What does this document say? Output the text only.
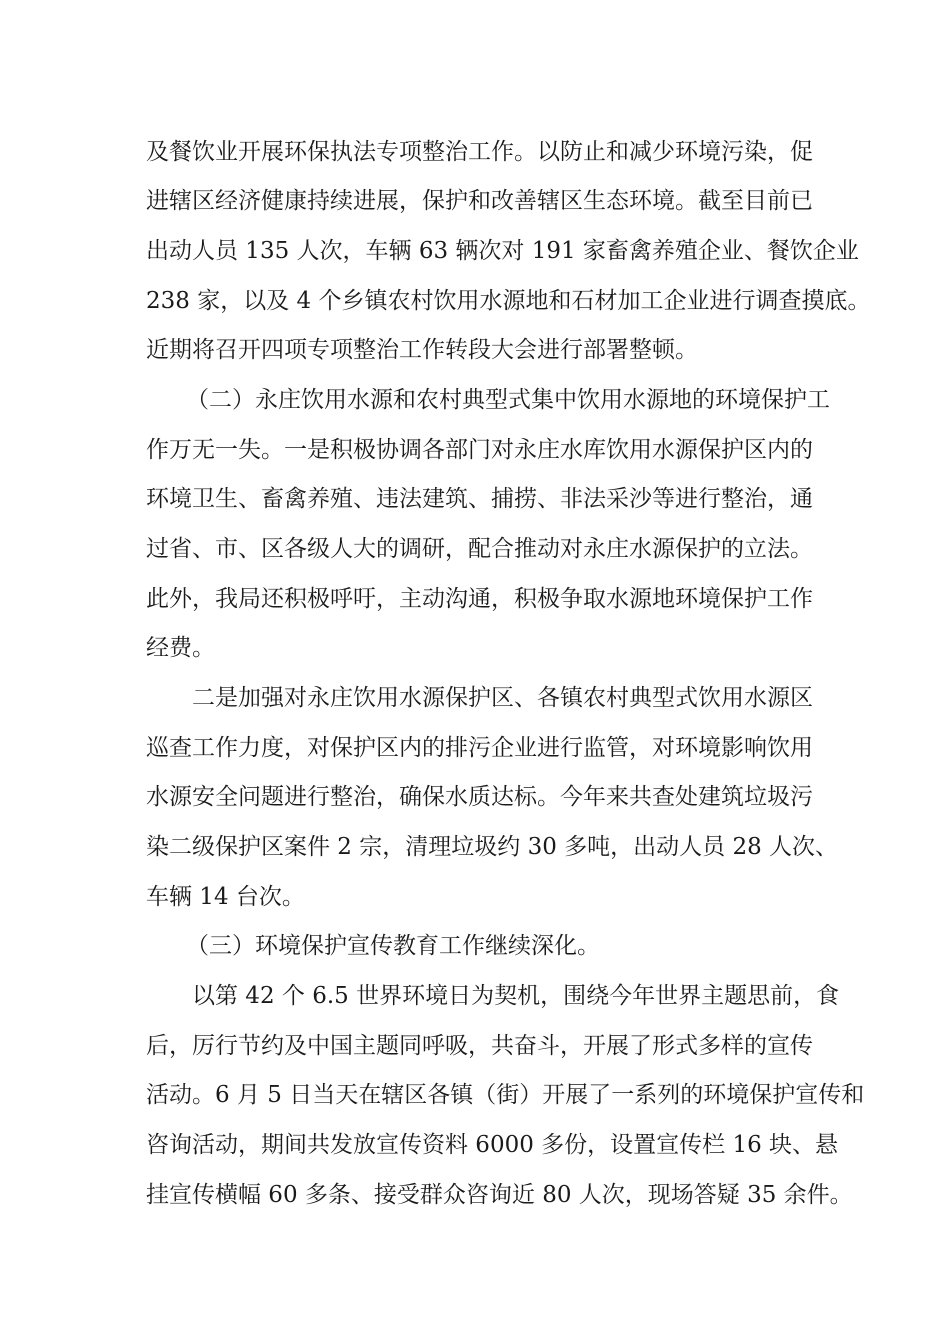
及餐饮业开展环保执法专项整治工作。以防止和减少环境污染，促
进辖区经济健康持续进展，保护和改善辖区生态环境。截至目前已
出动人员 135 人次，车辆 63 辆次对 191 家畜禽养殖企业、餐饮企业
238 家，以及 4 个乡镇农村饮用水源地和石材加工企业进行调查摸底。
近期将召开四项专项整治工作转段大会进行部署整顿。
（二）永庄饮用水源和农村典型式集中饮用水源地的环境保护工
作万无一失。一是积极协调各部门对永庄水库饮用水源保护区内的
环境卫生、畜禽养殖、违法建筑、捕捞、非法采沙等进行整治，通
过省、市、区各级人大的调研，配合推动对永庄水源保护的立法。
此外，我局还积极呼吁，主动沟通，积极争取水源地环境保护工作
经费。
二是加强对永庄饮用水源保护区、各镇农村典型式饮用水源区
巡查工作力度，对保护区内的排污企业进行监管，对环境影响饮用
水源安全问题进行整治，确保水质达标。今年来共查处建筑垃圾污
染二级保护区案件 2 宗，清理垃圾约 30 多吨，出动人员 28 人次、
车辆 14 台次。
（三）环境保护宣传教育工作继续深化。
以第 42 个 6.5 世界环境日为契机，围绕今年世界主题思前，食
后，厉行节约及中国主题同呼吸，共奋斗，开展了形式多样的宣传
活动。6 月 5 日当天在辖区各镇（街）开展了一系列的环境保护宣传和
咨询活动，期间共发放宣传资料 6000 多份，设置宣传栏 16 块、悬
挂宣传横幅 60 多条、接受群众咨询近 80 人次，现场答疑 35 余件。
